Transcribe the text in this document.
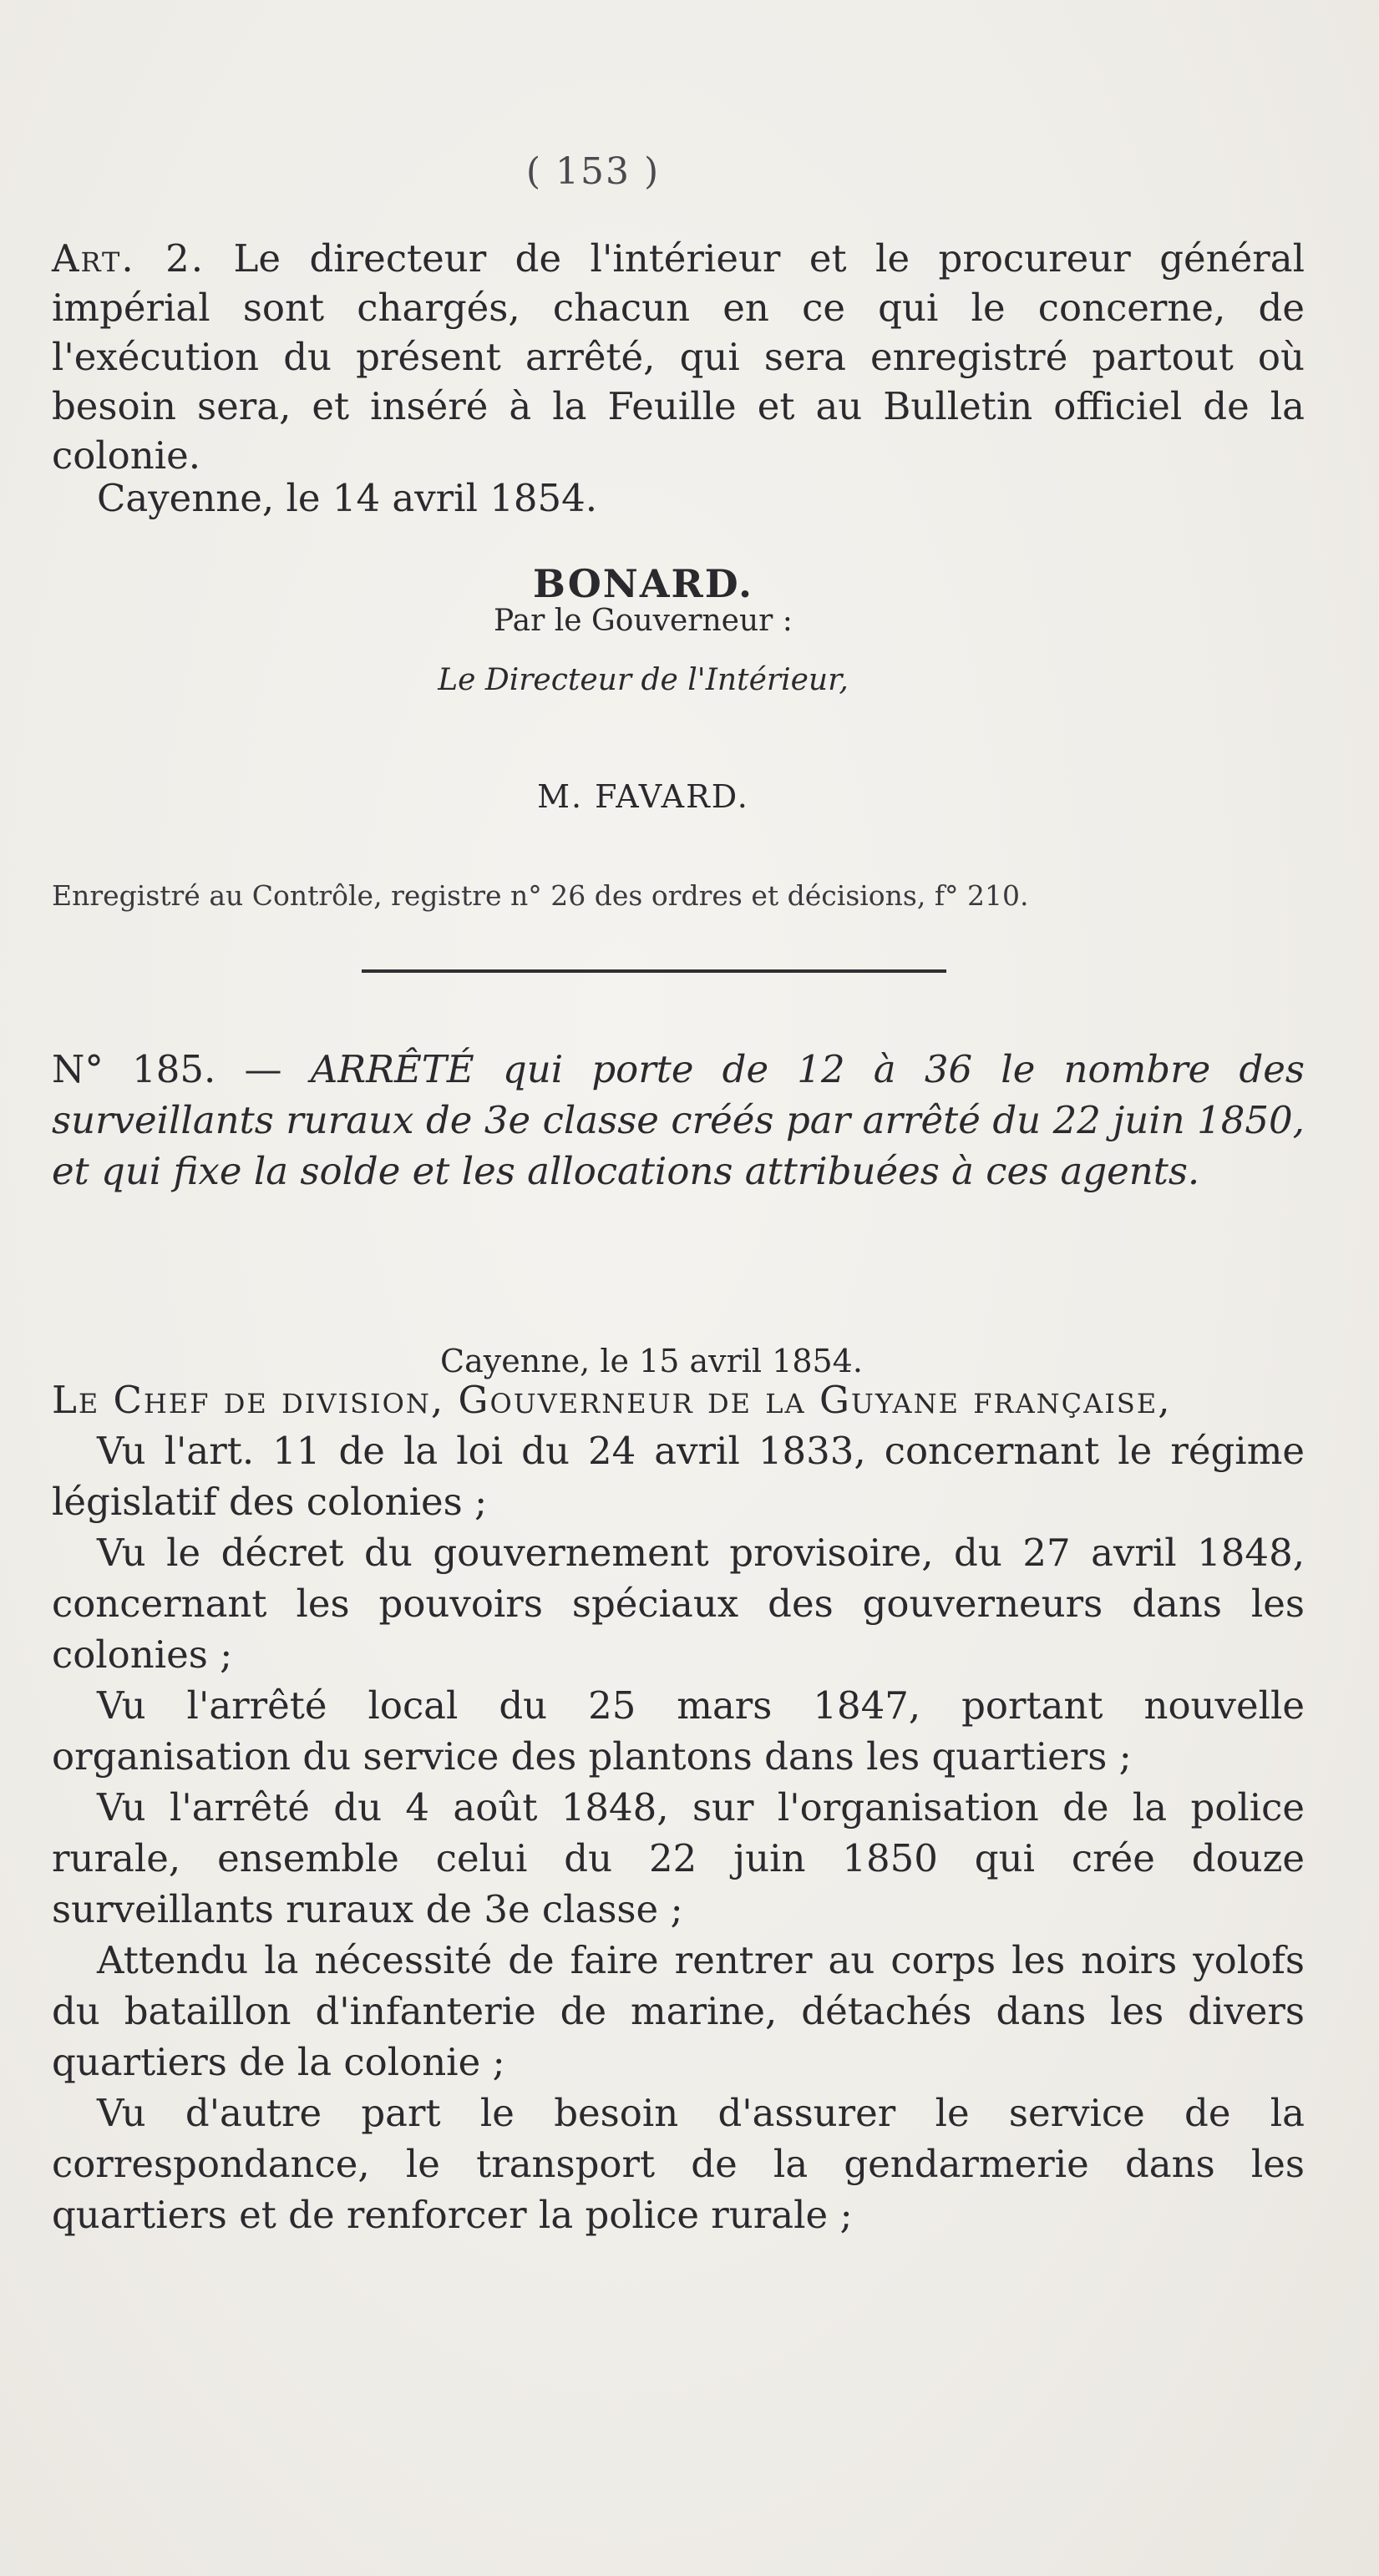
( 153 )
Art. 2. Le directeur de l'intérieur et le procureur général impérial sont chargés, chacun en ce qui le concerne, de l'exécution du présent arrêté, qui sera enregistré partout où besoin sera, et inséré à la Feuille et au Bulletin officiel de la colonie.
Cayenne, le 14 avril 1854.
BONARD.
Par le Gouverneur :
Le Directeur de l'Intérieur,
M. FAVARD.
Enregistré au Contrôle, registre n° 26 des ordres et décisions, f° 210.
N° 185. — ARRÊTÉ qui porte de 12 à 36 le nombre des surveillants ruraux de 3e classe créés par arrêté du 22 juin 1850, et qui fixe la solde et les allocations attribuées à ces agents.
Cayenne, le 15 avril 1854.

Le Chef de division, Gouverneur de la Guyane française,

Vu l'art. 11 de la loi du 24 avril 1833, concernant le régime législatif des colonies ;

Vu le décret du gouvernement provisoire, du 27 avril 1848, concernant les pouvoirs spéciaux des gouverneurs dans les colonies ;

Vu l'arrêté local du 25 mars 1847, portant nouvelle organisation du service des plantons dans les quartiers ;

Vu l'arrêté du 4 août 1848, sur l'organisation de la police rurale, ensemble celui du 22 juin 1850 qui crée douze surveillants ruraux de 3e classe ;

Attendu la nécessité de faire rentrer au corps les noirs yolofs du bataillon d'infanterie de marine, détachés dans les divers quartiers de la colonie ;

Vu d'autre part le besoin d'assurer le service de la correspondance, le transport de la gendarmerie dans les quartiers et de renforcer la police rurale ;
